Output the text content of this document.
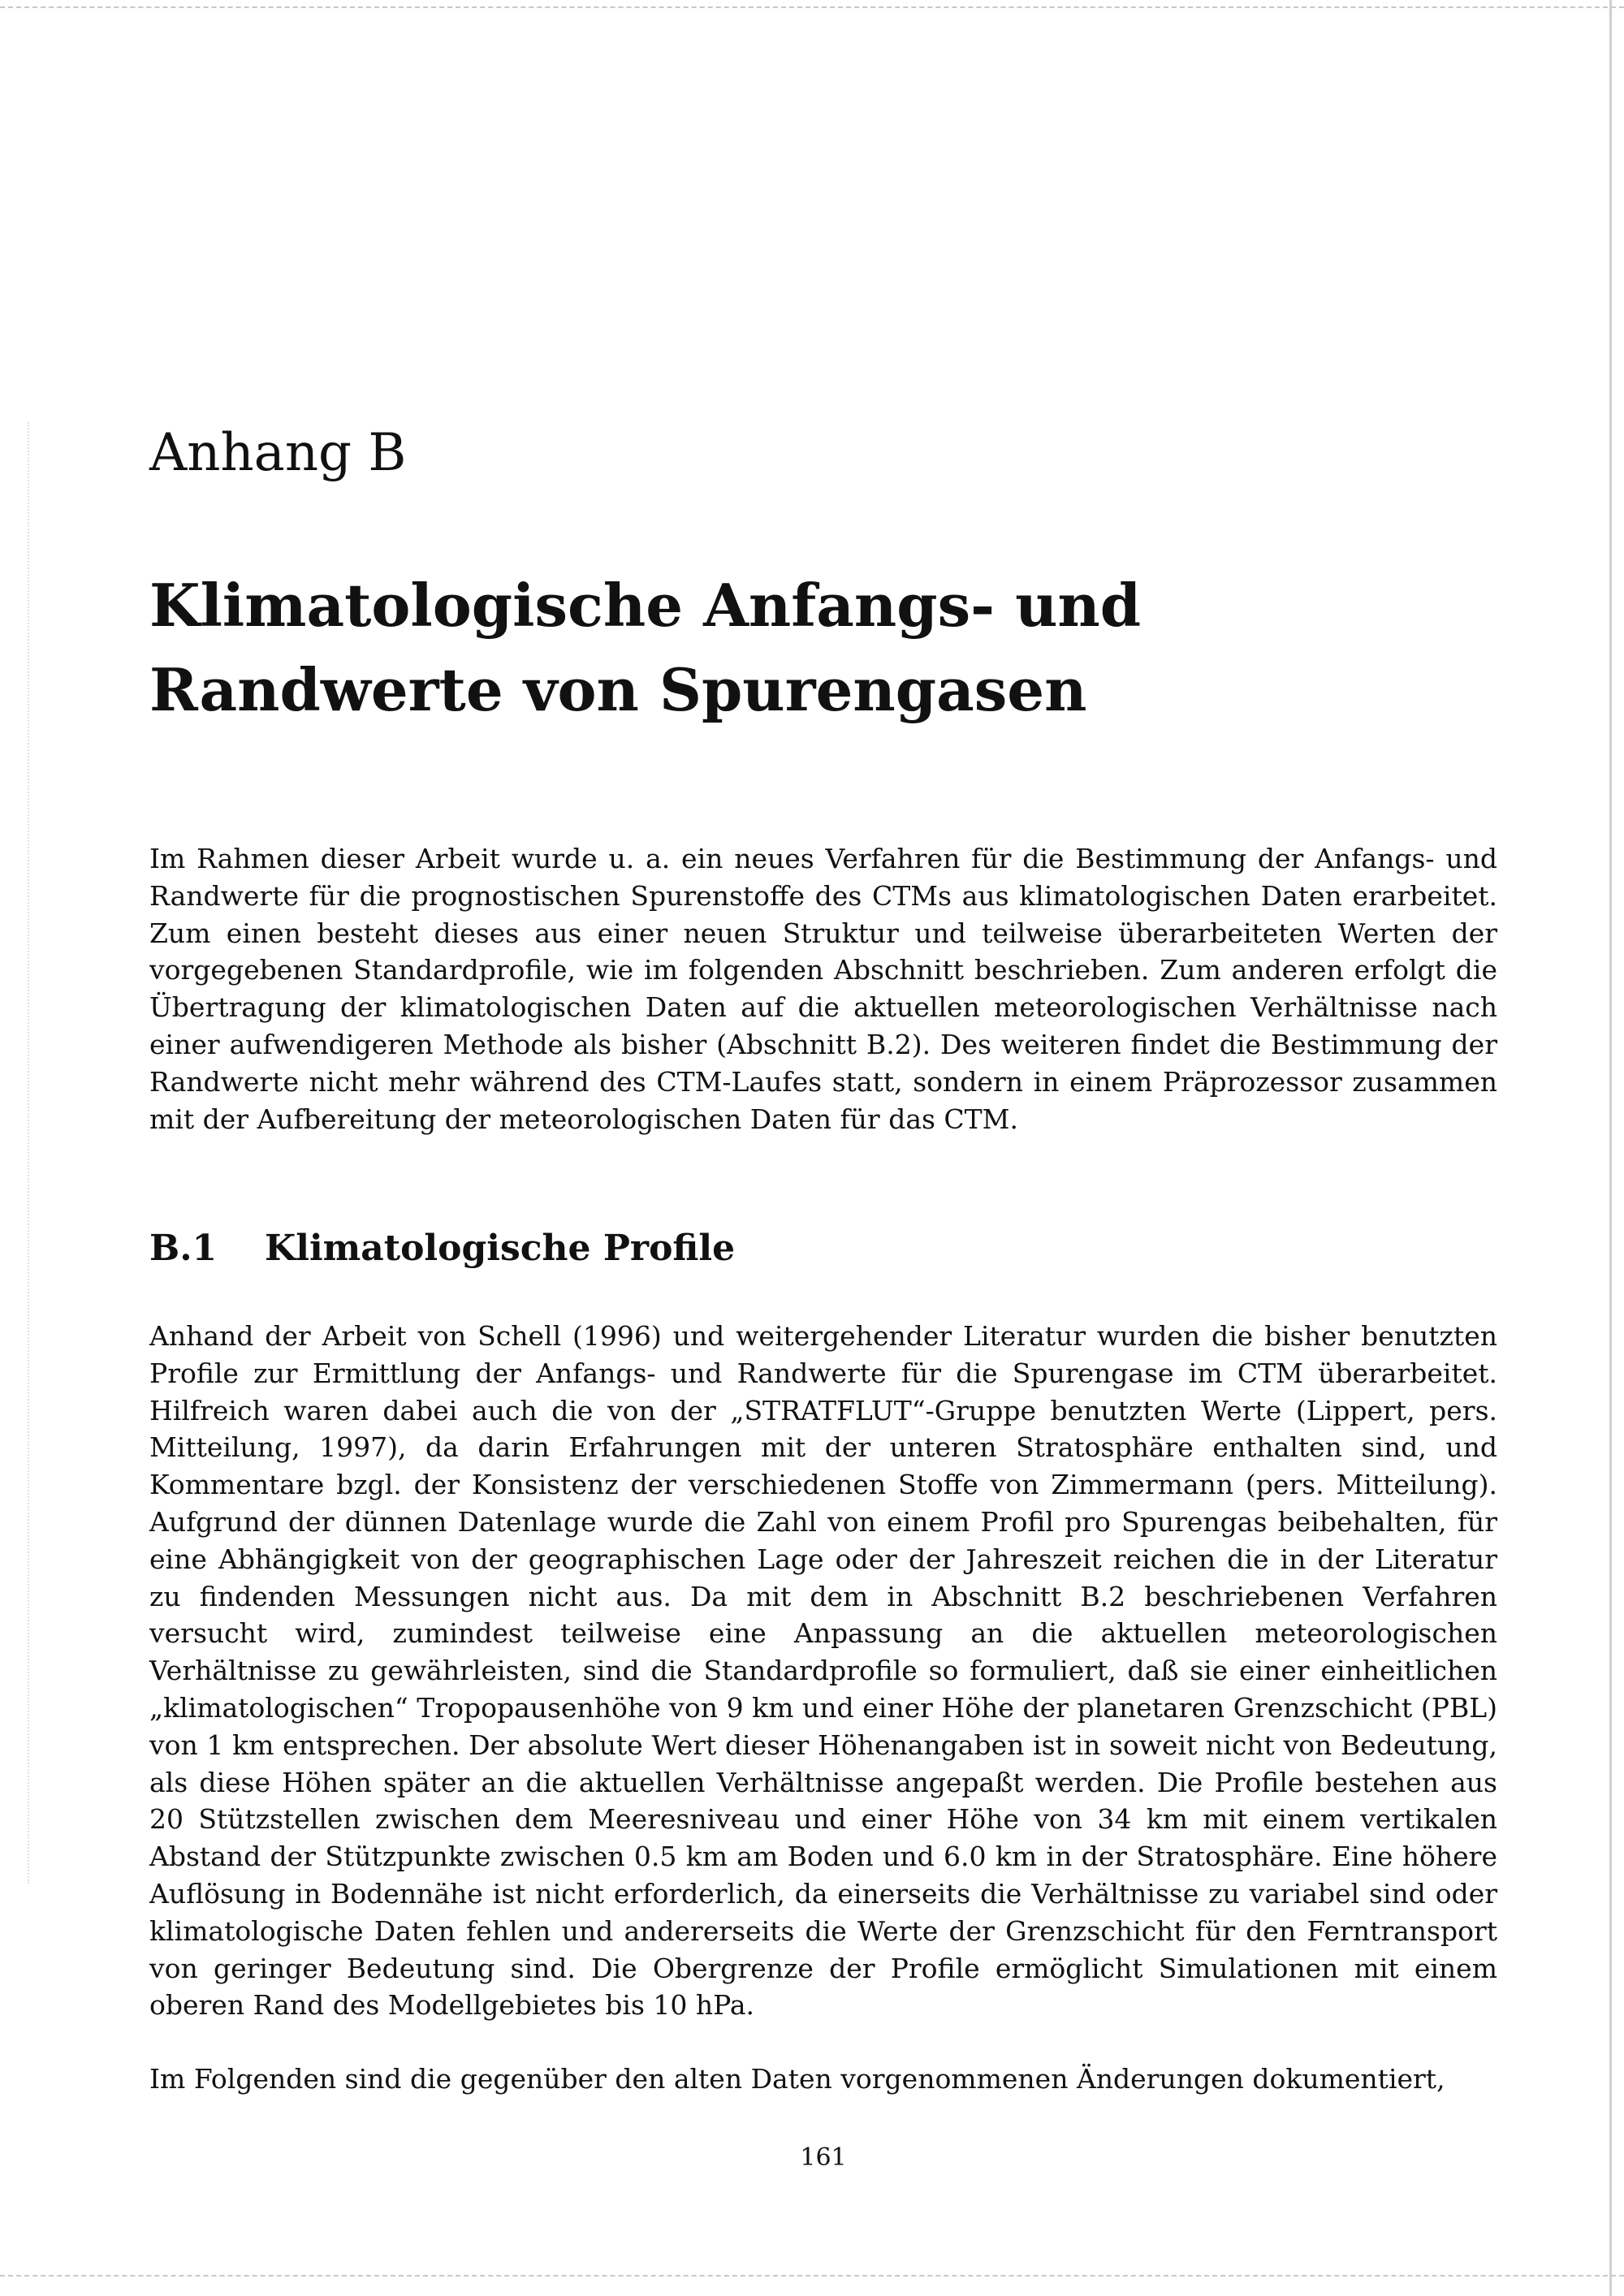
Anhang B
Klimatologische Anfangs- und
Randwerte von Spurengasen

Im Rahmen dieser Arbeit wurde u. a. ein neues Verfahren für die Bestimmung der Anfangs- und Randwerte für die prognostischen Spurenstoffe des CTMs aus klimatologischen Daten erarbeitet. Zum einen besteht dieses aus einer neuen Struktur und teilweise überarbeiteten Werten der vorgegebenen Standardprofile, wie im folgenden Abschnitt beschrieben. Zum anderen erfolgt die Übertragung der klimatologischen Daten auf die aktuellen meteorologischen Verhältnisse nach einer aufwendigeren Methode als bisher (Abschnitt B.2). Des weiteren findet die Bestimmung der Randwerte nicht mehr während des CTM-Laufes statt, sondern in einem Präprozessor zusammen mit der Aufbereitung der meteorologischen Daten für das CTM.

B.1 Klimatologische Profile

Anhand der Arbeit von Schell (1996) und weitergehender Literatur wurden die bisher benutzten Profile zur Ermittlung der Anfangs- und Randwerte für die Spurengase im CTM überarbeitet. Hilfreich waren dabei auch die von der „STRATFLUT“-Gruppe benutzten Werte (Lippert, pers. Mitteilung, 1997), da darin Erfahrungen mit der unteren Stratosphäre enthalten sind, und Kommentare bzgl. der Konsistenz der verschiedenen Stoffe von Zimmermann (pers. Mitteilung). Aufgrund der dünnen Datenlage wurde die Zahl von einem Profil pro Spurengas beibehalten, für eine Abhängigkeit von der geographischen Lage oder der Jahreszeit reichen die in der Literatur zu findenden Messungen nicht aus. Da mit dem in Abschnitt B.2 beschriebenen Verfahren versucht wird, zumindest teilweise eine Anpassung an die aktuellen meteorologischen Verhältnisse zu gewährleisten, sind die Standardprofile so formuliert, daß sie einer einheitlichen „klimatologischen“ Tropopausenhöhe von 9 km und einer Höhe der planetaren Grenzschicht (PBL) von 1 km entsprechen. Der absolute Wert dieser Höhenangaben ist in soweit nicht von Bedeutung, als diese Höhen später an die aktuellen Verhältnisse angepaßt werden. Die Profile bestehen aus 20 Stützstellen zwischen dem Meeresniveau und einer Höhe von 34 km mit einem vertikalen Abstand der Stützpunkte zwischen 0.5 km am Boden und 6.0 km in der Stratosphäre. Eine höhere Auflösung in Bodennähe ist nicht erforderlich, da einerseits die Verhältnisse zu variabel sind oder klimatologische Daten fehlen und andererseits die Werte der Grenzschicht für den Ferntransport von geringer Bedeutung sind. Die Obergrenze der Profile ermöglicht Simulationen mit einem oberen Rand des Modellgebietes bis 10 hPa.

Im Folgenden sind die gegenüber den alten Daten vorgenommenen Änderungen dokumentiert,

161
